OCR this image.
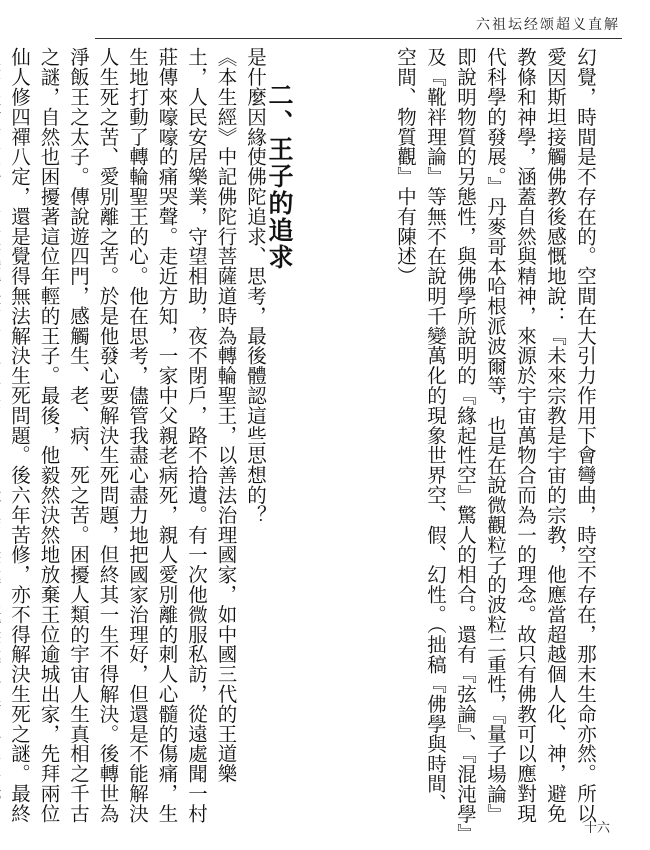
六祖坛经颂超义直解

幻覺，時間是不存在的。空間在大引力作用下會彎曲，時空不存在，那末生命亦然。所以

愛因斯坦接觸佛教後感慨地說：『未來宗教是宇宙的宗教，他應當超越個人化、神，避免

教條和神學，涵蓋自然與精神，來源於宇宙萬物合而為一的理念。故只有佛教可以應對現

代科學的發展。』丹麥哥本哈根派波爾等，也是在說微觀粒子的波粒二重性，『量子場論』

即說明物質的另態性，與佛學所說明的『緣起性空』驚人的相合。還有『弦論』、『混沌學』

及『靴袢理論』等無不在說明千變萬化的現象世界空、假、幻性。（拙稿『佛學與時間、

空間、物質觀』中有陳述）

二、王子的追求

是什麼因緣使佛陀追求、思考，最後體認這些思想的？

《本生經》中記佛陀行菩薩道時為轉輪聖王，以善法治理國家，如中國三代的王道樂

土，人民安居樂業，守望相助，夜不閉戶，路不拾遺。有一次他微服私訪，從遠處聞一村

莊傳來嚎嚎的痛哭聲。走近方知，一家中父親老病死，親人愛別離的刺人心髓的傷痛，生

生地打動了轉輪聖王的心。他在思考，儘管我盡心盡力地把國家治理好，但還是不能解決

人生死之苦、愛別離之苦。於是他發心要解決生死問題，但終其一生不得解決。後轉世為

淨飯王之太子。傳說遊四門，感觸生、老、病、死之苦。困擾人類的宇宙人生真相之千古

之謎，自然也困擾著這位年輕的王子。最後，他毅然決然地放棄王位逾城出家，先拜兩位

仙人修四禪八定，還是覺得無法解決生死問題。後六年苦修，亦不得解決生死之謎。最終

十六
